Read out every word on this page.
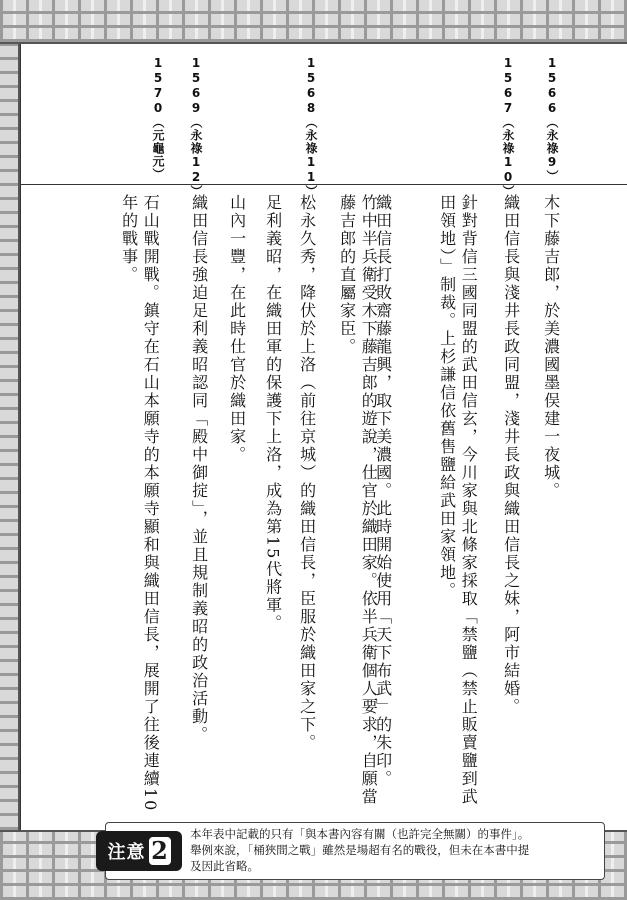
1566（永祿9）
1567（永祿10）
1568（永祿11）
1569（永祿12）
1570（元龜元）
木下藤吉郎，於美濃國墨俣建一夜城。
織田信長與淺井長政同盟，淺井長政與織田信長之妹，阿市結婚。
針對背信三國同盟的武田信玄，今川家與北條家採取「禁鹽（禁止販賣鹽到武田領地）」制裁。上杉謙信依舊售鹽給武田家領地。
織田信長打敗齋藤龍興，取下美濃國。此時開始使用「天下布武」的朱印。
竹中半兵衛受木下藤吉郎的遊說，仕官於織田家。依半兵衛個人要求，自願當藤吉郎的直屬家臣。
松永久秀，降伏於上洛（前往京城）的織田信長，臣服於織田家之下。
足利義昭，在織田軍的保護下上洛，成為第15代將軍。
山內一豐，在此時仕官於織田家。
織田信長強迫足利義昭認同「殿中御掟」，並且規制義昭的政治活動。
石山戰開戰。鎮守在石山本願寺的本願寺顯和與織田信長，展開了往後連續10年的戰事。
注意 2
本年表中記載的只有「與本書內容有關（也許完全無關）的事件」。
舉例來說，「桶狹間之戰」雖然是場超有名的戰役，但未在本書中提
及因此省略。
